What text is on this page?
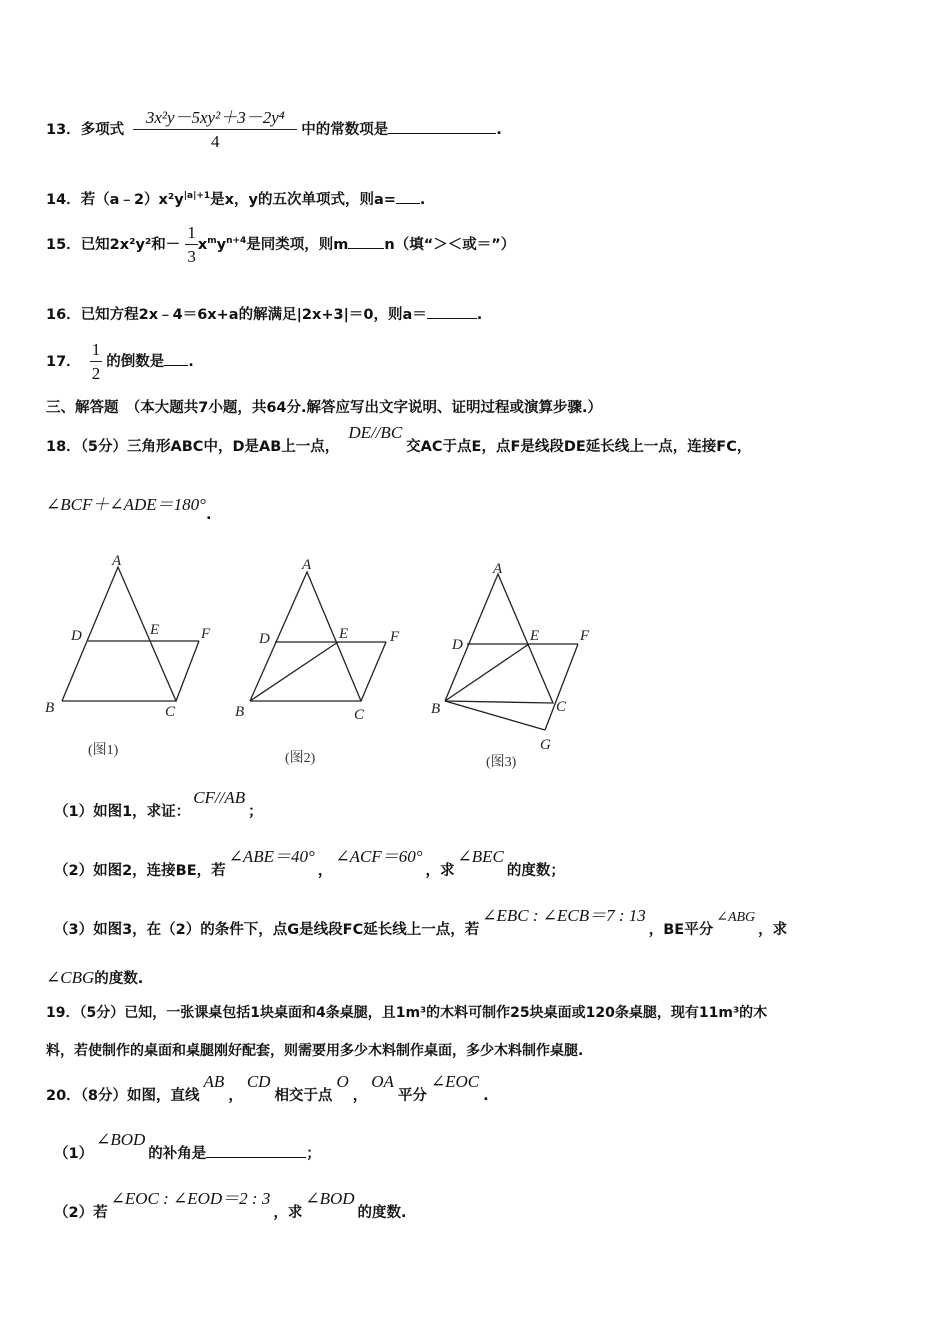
13．多项式 $\frac{\text{3x²y－5xy²＋3－2y⁴}}{4}$ 中的常数项是	.
14．若$(a﹣2)x^2y^{|a|+1}$是x，y的五次单项式，则a= .
15．已知2x²y²和－ $\frac{1}{3} x^my^{n+4}$是同类项，则m n（填“＞＜或＝”）
16．已知方程2x﹣4＝6x+a的解满足|2x+3|＝0，则a＝	.
17． $\frac{1}{2}$ 的倒数是 .
三、解答题　（本大题共7小题，共64分.解答应写出文字说明、证明过程或演算步骤.）
18．（5分）三角形ABC中，D是AB上一点， DE//BC交AC于点E，点F是线段DE延长线上一点，连接FC，
∠BCF＋∠ADE＝180°.
A
D	E	F
B	C
A
D	E	F
B	C
A
D
E	F
B	C
G
(图1)
(图2)	(图3)
（1）如图1，求证：CF//AB；
（2）如图2，连接BE，若∠ABE＝40°，∠ACF＝60°，求∠BEC的度数；
（3）如图3，在（2）的条件下，点G是线段FC延长线上一点，若∠EBC : ∠ECB＝7 : 13，BE平分∠ABG，求
∠CBG的度数.
19．（5分）已知，一张课桌包括1块桌面和4条桌腿，且1m³的木料可制作25块桌面或120条桌腿，现有11m³的木
料，若使制作的桌面和桌腿刚好配套，则需要用多少木料制作桌面，多少木料制作桌腿.
20．（8分）如图，直线AB，CD相交于点O，OA平分∠EOC.
（1）∠BOD的补角是	；
（2）若∠EOC : ∠EOD＝2 : 3，求∠BOD的度数.
